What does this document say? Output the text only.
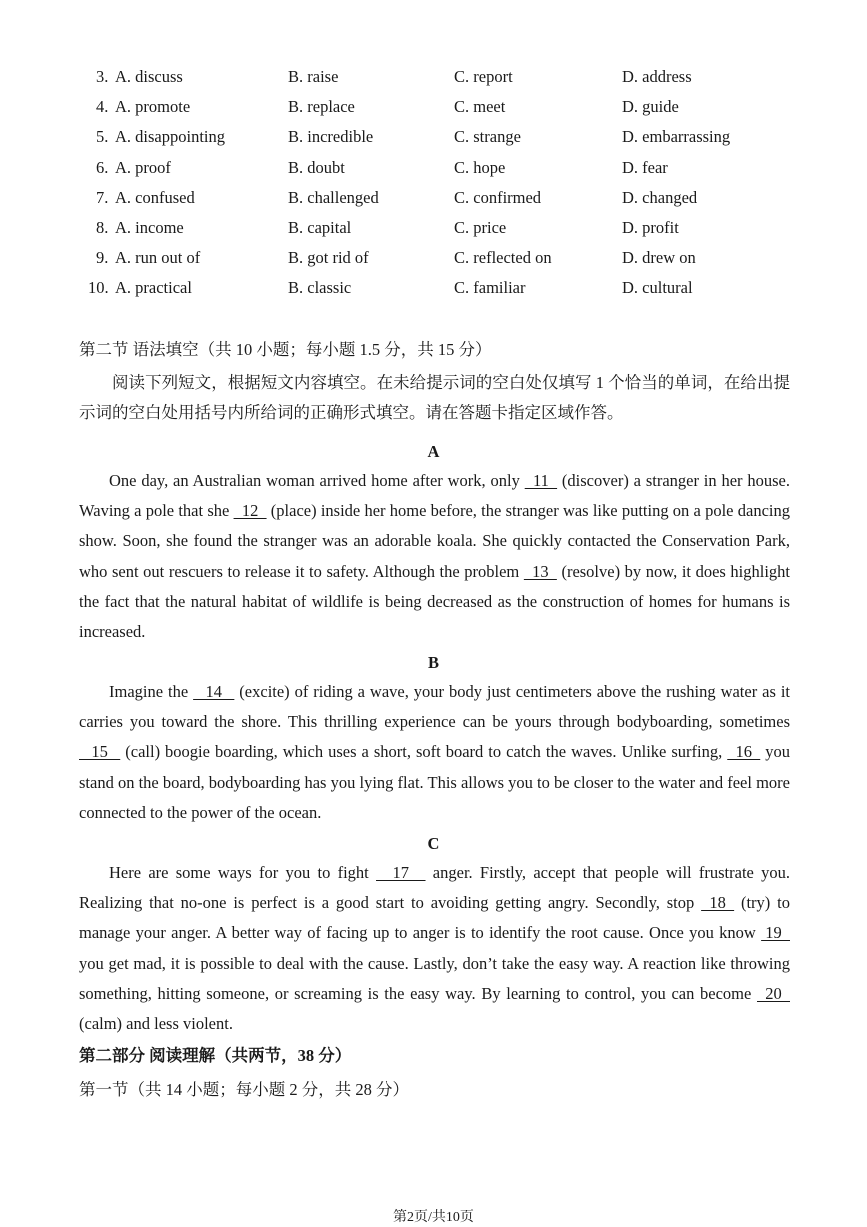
3. A. discuss	B. raise	C. report	D. address
4. A. promote	B. replace	C. meet	D. guide
5. A. disappointing	B. incredible	C. strange	D. embarrassing
6. A. proof	B. doubt	C. hope	D. fear
7. A. confused	B. challenged	C. confirmed	D. changed
8. A. income	B. capital	C. price	D. profit
9. A. run out of	B. got rid of	C. reflected on	D. drew on
10. A. practical	B. classic	C. familiar	D. cultural
第二节 语法填空（共 10 小题；每小题 1.5 分，共 15 分）
阅读下列短文，根据短文内容填空。在未给提示词的空白处仅填写 1 个恰当的单词，在给出提示词的空白处用括号内所给词的正确形式填空。请在答题卡指定区域作答。
A
One day, an Australian woman arrived home after work, only   11   (discover) a stranger in her house. Waving a pole that she   12   (place) inside her home before, the stranger was like putting on a pole dancing show. Soon, she found the stranger was an adorable koala. She quickly contacted the Conservation Park, who sent out rescuers to release it to safety. Although the problem   13   (resolve) by now, it does highlight the fact that the natural habitat of wildlife is being decreased as the construction of homes for humans is increased.
B
Imagine the    14    (excite) of riding a wave, your body just centimeters above the rushing water as it carries you toward the shore. This thrilling experience can be yours through bodyboarding, sometimes    15    (call) boogie boarding, which uses a short, soft board to catch the waves. Unlike surfing,   16   you stand on the board, bodyboarding has you lying flat. This allows you to be closer to the water and feel more connected to the power of the ocean.
C
Here are some ways for you to fight     17     anger. Firstly, accept that people will frustrate you. Realizing that no-one is perfect is a good start to avoiding getting angry. Secondly, stop   18   (try) to manage your anger. A better way of facing up to anger is to identify the root cause. Once you know  19   you get mad, it is possible to deal with the cause. Lastly, don’t take the easy way. A reaction like throwing something, hitting someone, or screaming is the easy way. By learning to control, you can become   20   (calm) and less violent.
第二部分 阅读理解（共两节，38 分）
第一节（共 14 小题；每小题 2 分，共 28 分）
第2页/共10页
